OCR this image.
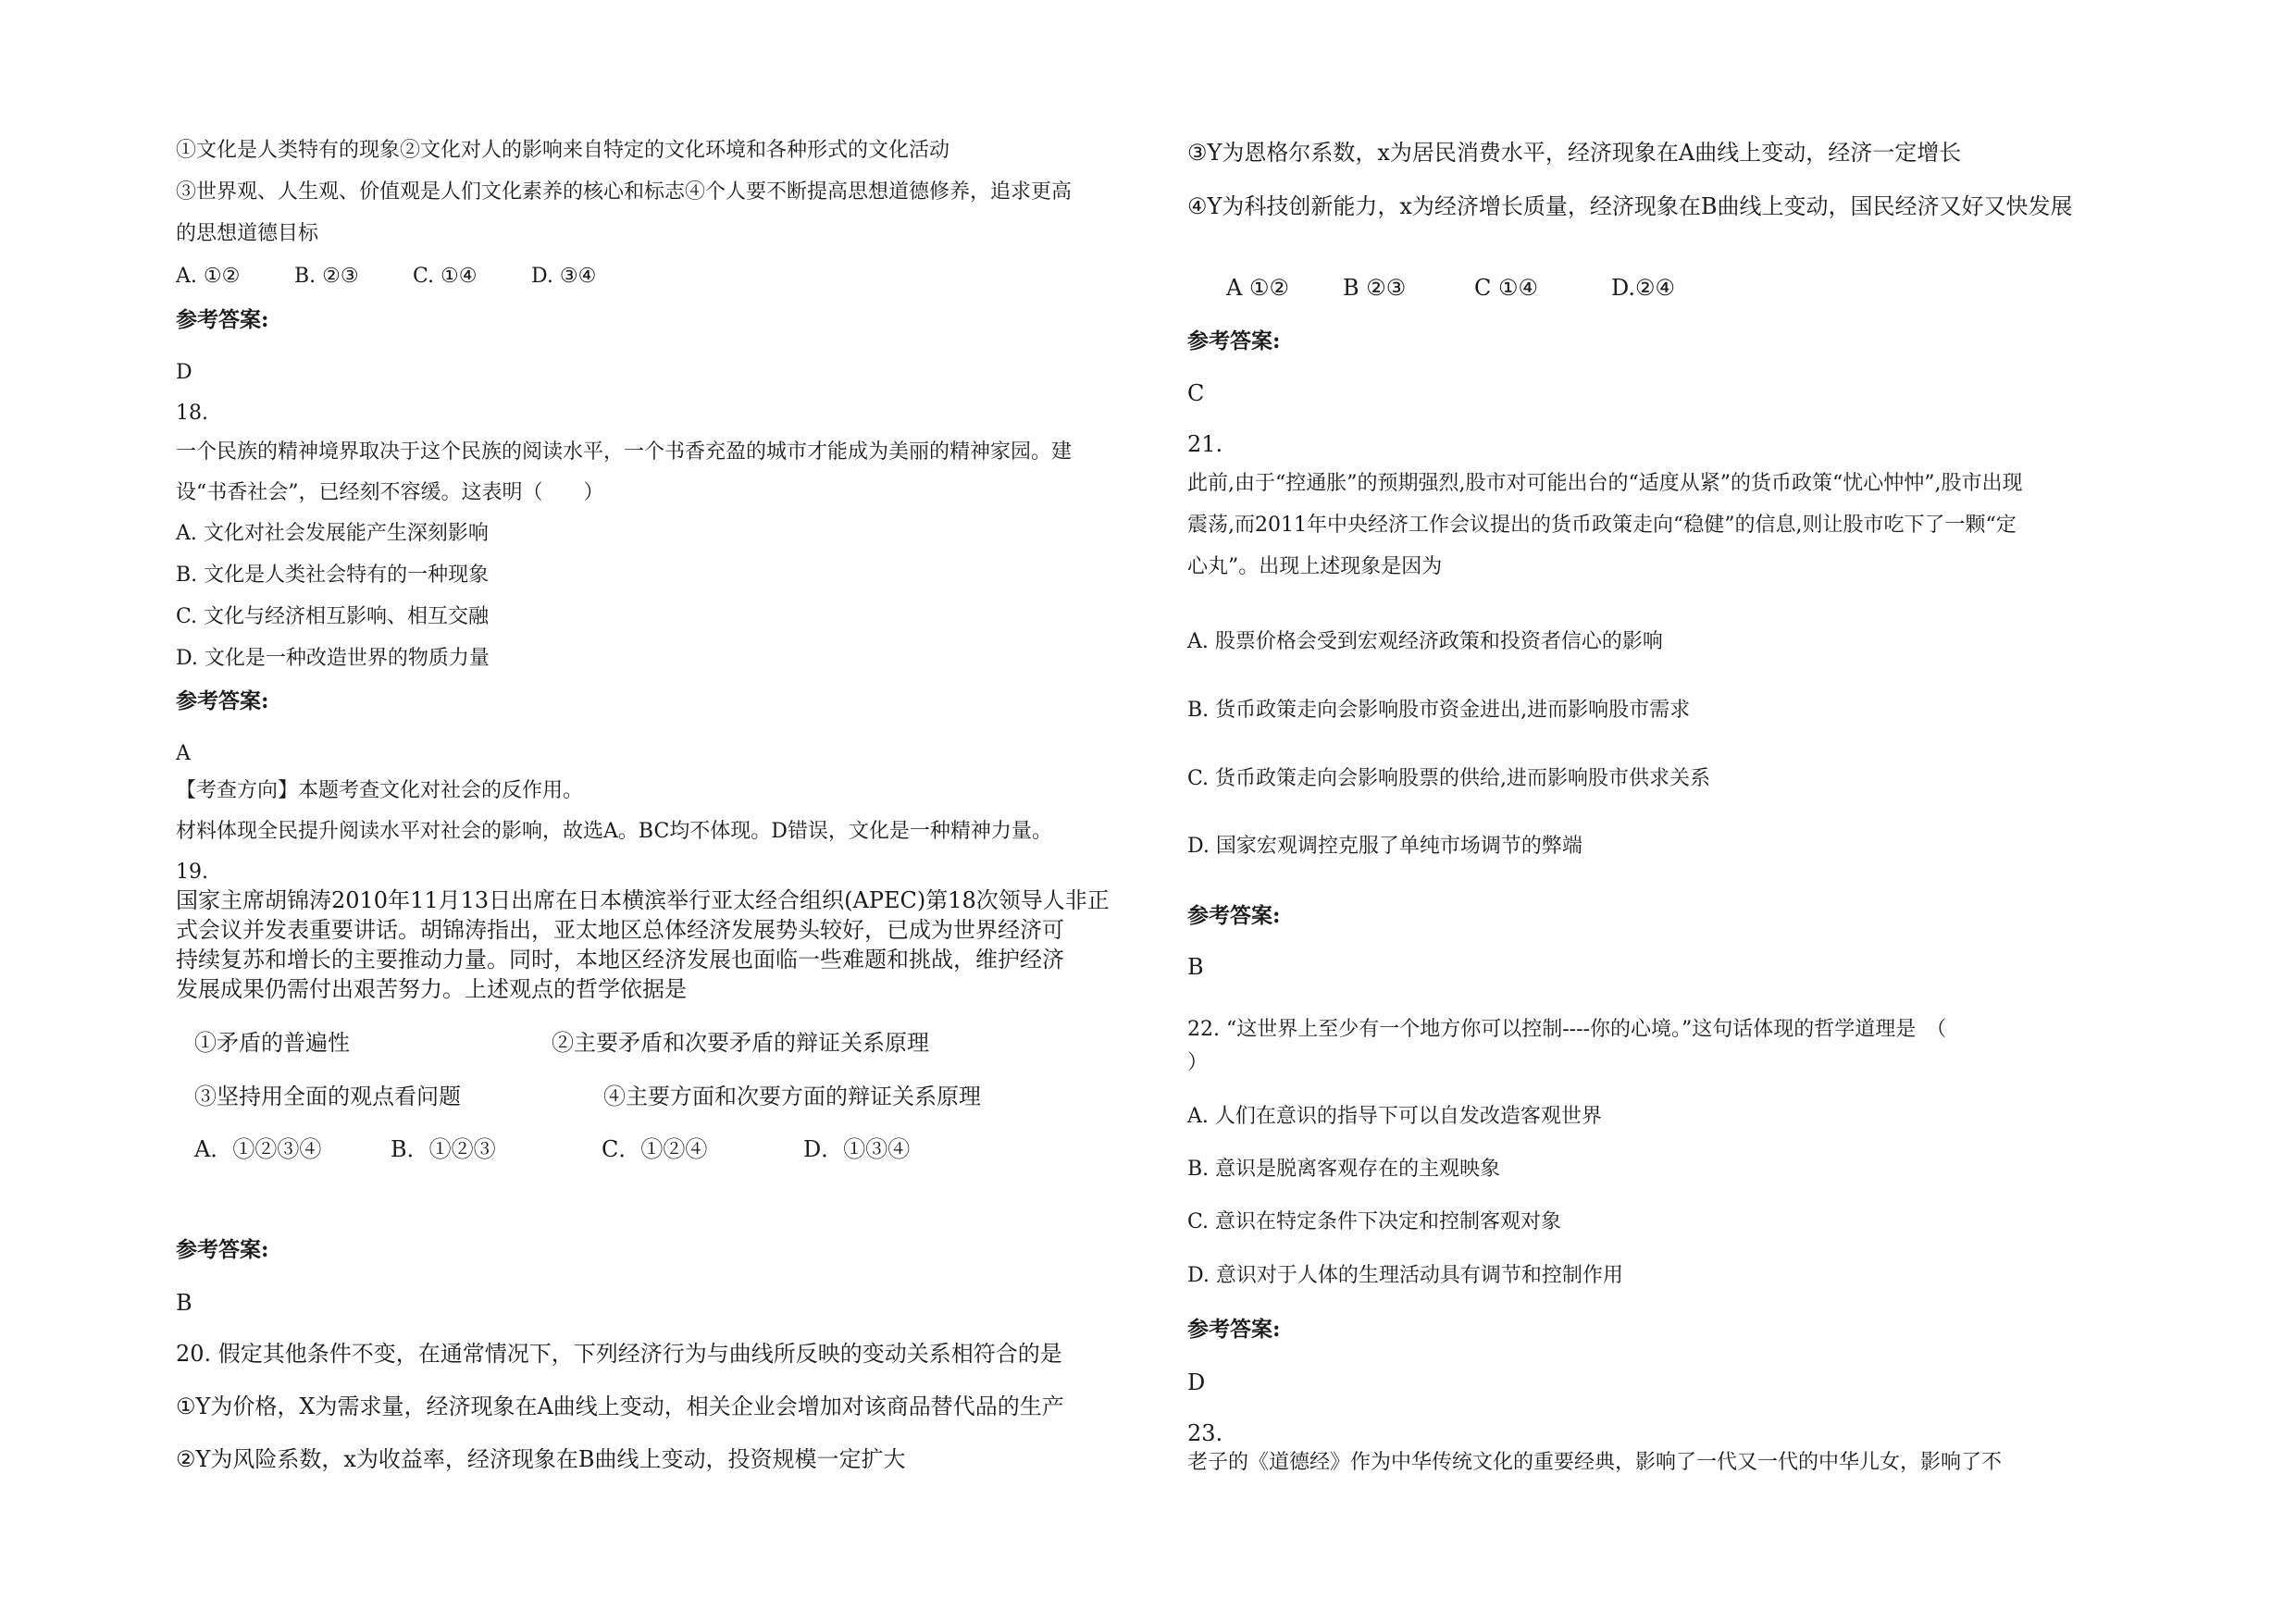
①文化是人类特有的现象②文化对人的影响来自特定的文化环境和各种形式的文化活动
③世界观、人生观、价值观是人们文化素养的核心和标志④个人要不断提高思想道德修养，追求更高
的思想道德目标
A. ①②	B. ②③	C. ①④	D. ③④
参考答案:
D
18.
一个民族的精神境界取决于这个民族的阅读水平，一个书香充盈的城市才能成为美丽的精神家园。建
设“书香社会”，已经刻不容缓。这表明（　　）
A. 文化对社会发展能产生深刻影响
B. 文化是人类社会特有的一种现象
C. 文化与经济相互影响、相互交融
D. 文化是一种改造世界的物质力量
参考答案:
A
【考查方向】本题考查文化对社会的反作用。
材料体现全民提升阅读水平对社会的影响，故选A。BC均不体现。D错误，文化是一种精神力量。
19.
国家主席胡锦涛2010年11月13日出席在日本横滨举行亚太经合组织(APEC)第18次领导人非正
式会议并发表重要讲话。胡锦涛指出，亚太地区总体经济发展势头较好，已成为世界经济可
持续复苏和增长的主要推动力量。同时，本地区经济发展也面临一些难题和挑战，维护经济
发展成果仍需付出艰苦努力。上述观点的哲学依据是
①矛盾的普遍性	②主要矛盾和次要矛盾的辩证关系原理
③坚持用全面的观点看问题	④主要方面和次要方面的辩证关系原理
A．①②③④	B．①②③	C．①②④	D．①③④
参考答案:
B
20. 假定其他条件不变，在通常情况下，下列经济行为与曲线所反映的变动关系相符合的是
①Y为价格，X为需求量，经济现象在A曲线上变动，相关企业会增加对该商品替代品的生产
②Y为风险系数，x为收益率，经济现象在B曲线上变动，投资规模一定扩大
③Y为恩格尔系数，x为居民消费水平，经济现象在A曲线上变动，经济一定增长
④Y为科技创新能力，x为经济增长质量，经济现象在B曲线上变动，国民经济又好又快发展
A ①② B ②③	C ①④	D.②④
参考答案:
C
21.
此前,由于“控通胀”的预期强烈,股市对可能出台的“适度从紧”的货币政策“忧心忡忡”,股市出现
震荡,而2011年中央经济工作会议提出的货币政策走向“稳健”的信息,则让股市吃下了一颗“定
心丸”。出现上述现象是因为
A. 股票价格会受到宏观经济政策和投资者信心的影响
B. 货币政策走向会影响股市资金进出,进而影响股市需求
C. 货币政策走向会影响股票的供给,进而影响股市供求关系
D. 国家宏观调控克服了单纯市场调节的弊端
参考答案:
B
22. “这世界上至少有一个地方你可以控制----你的心境。”这句话体现的哲学道理是　（
）
A. 人们在意识的指导下可以自发改造客观世界
B. 意识是脱离客观存在的主观映象
C. 意识在特定条件下决定和控制客观对象
D. 意识对于人体的生理活动具有调节和控制作用
参考答案:
D
23.
老子的《道德经》作为中华传统文化的重要经典，影响了一代又一代的中华儿女，影响了不
